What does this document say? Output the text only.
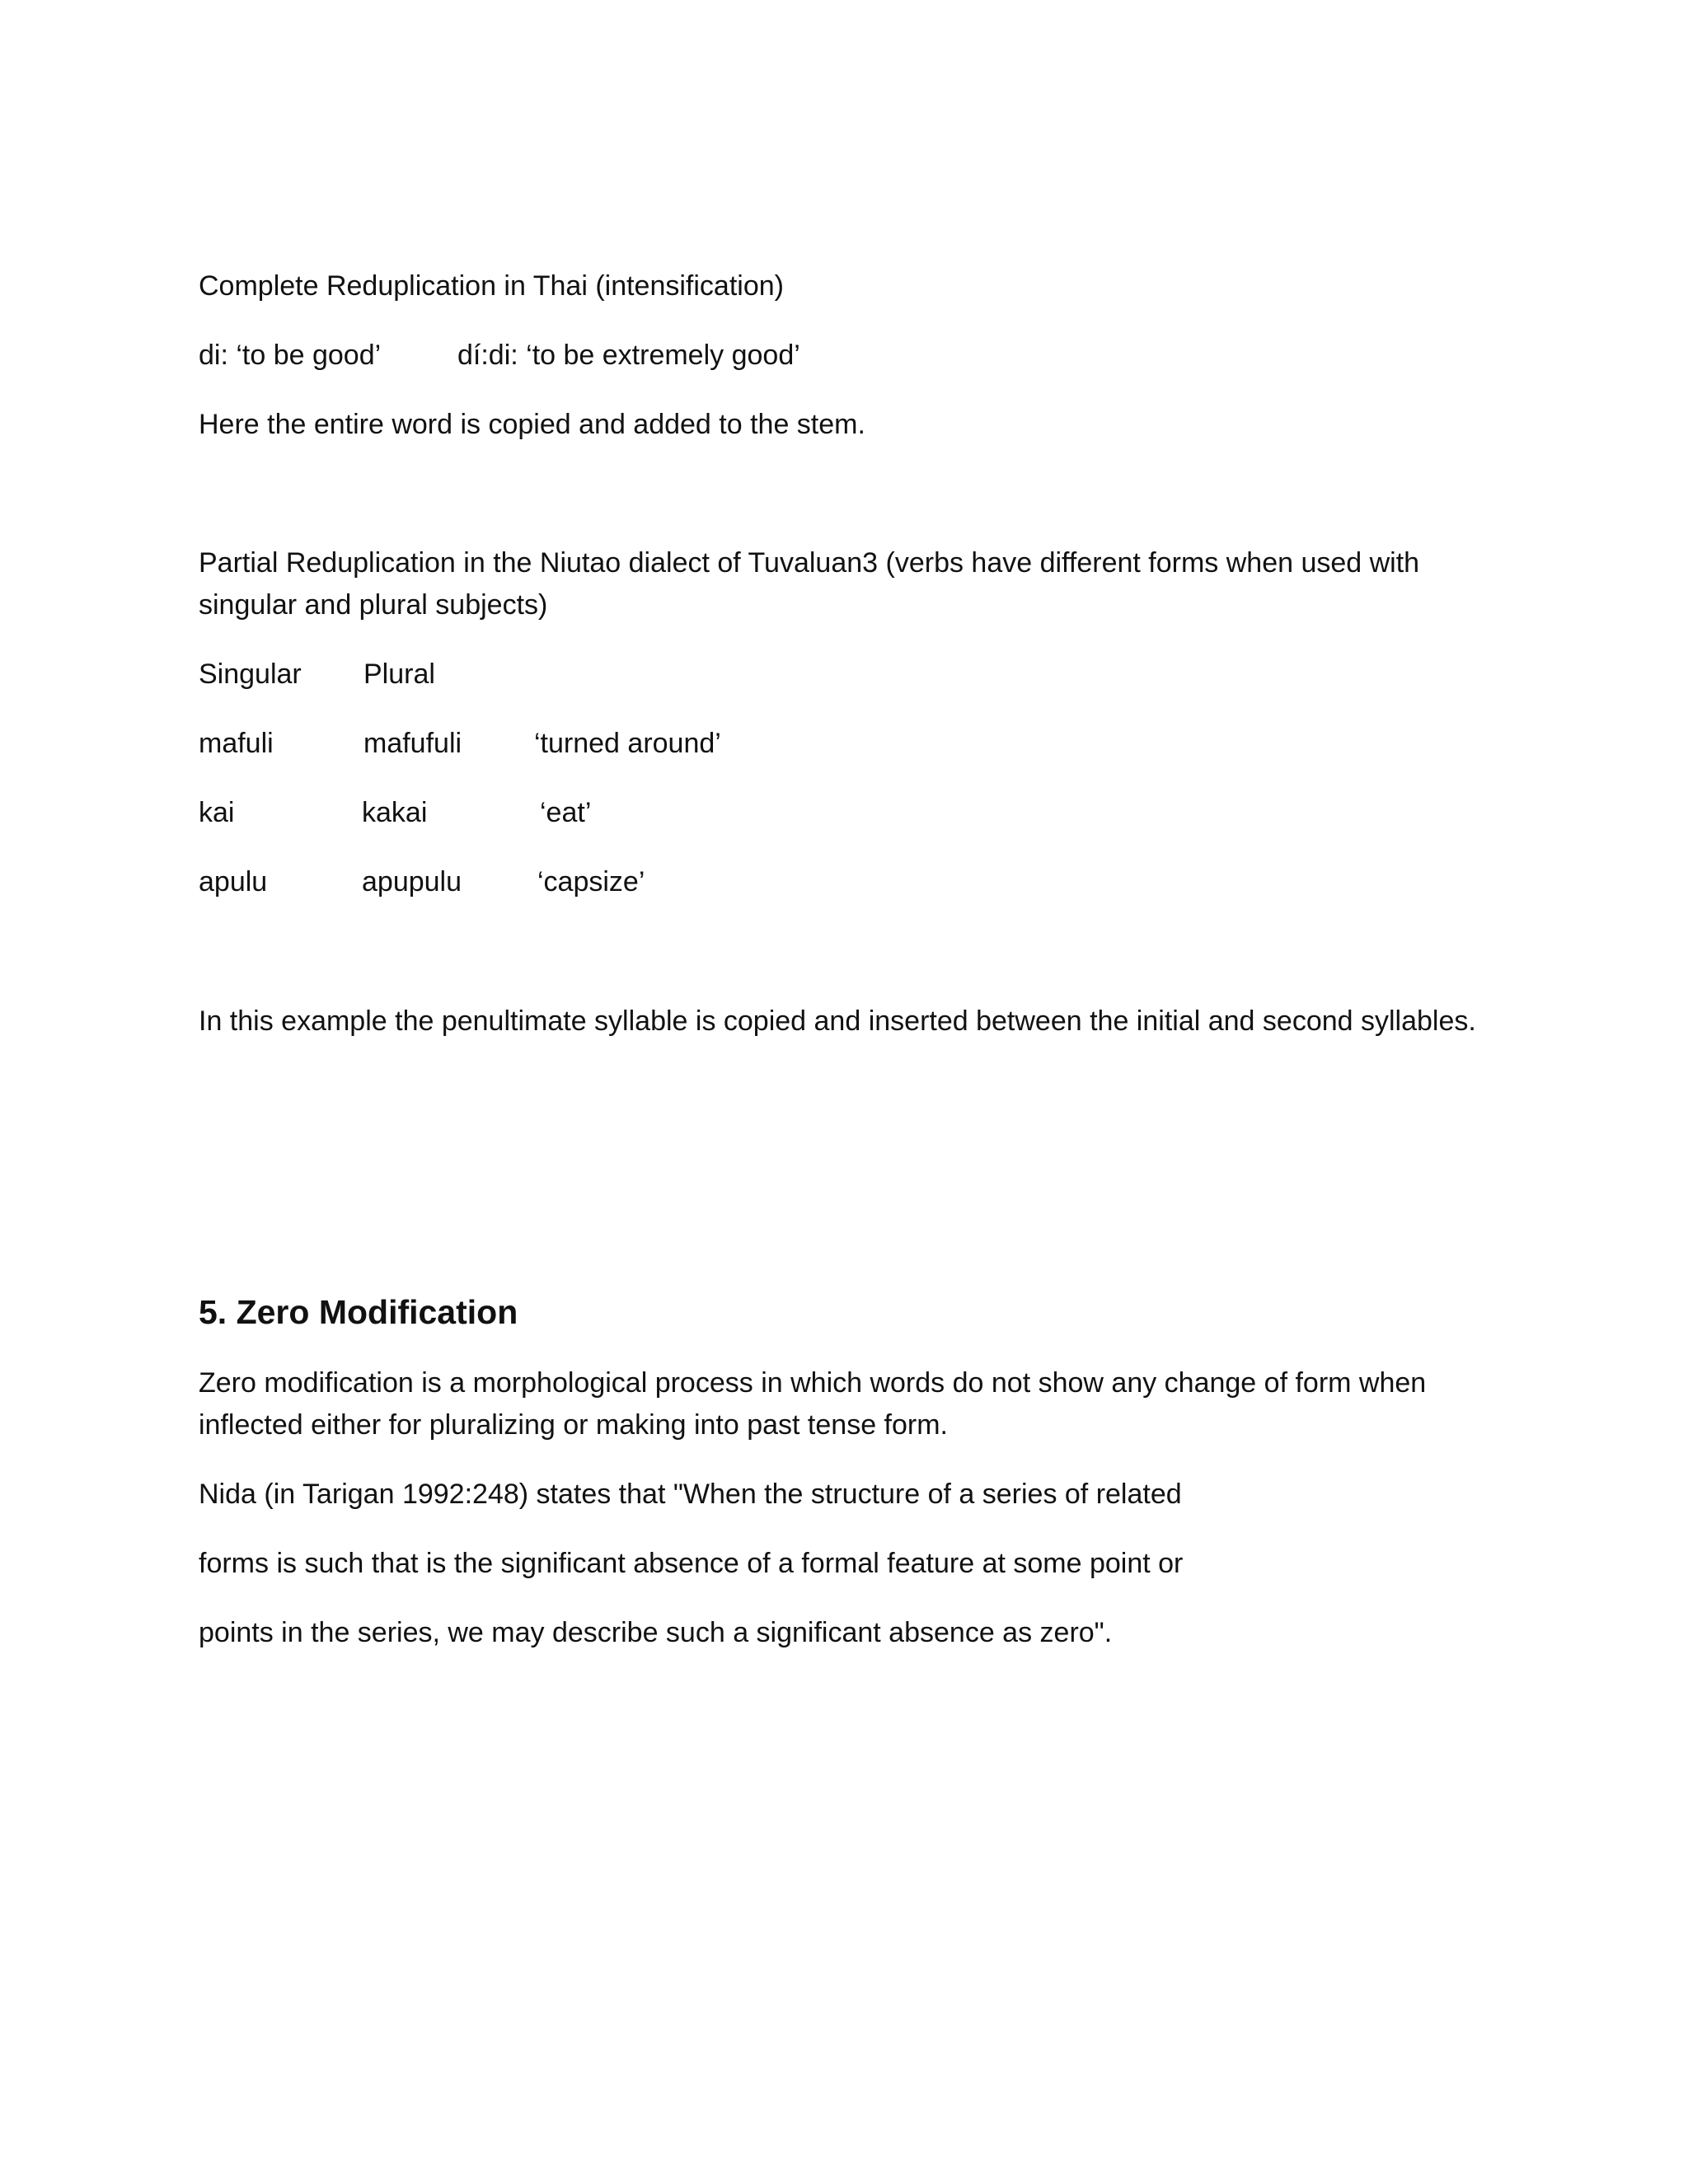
Complete Reduplication in Thai (intensification)
di: ‘to be good’	dí:di: ‘to be extremely good’
Here the entire word is copied and added to the stem.
Partial Reduplication in the Niutao dialect of Tuvaluan3 (verbs have different forms when used with singular and plural subjects)
Singular Plural
mafuli	mafufuli	‘turned around’
kai	kakai	‘eat’
apulu	apupulu	‘capsize’
In this example the penultimate syllable is copied and inserted between the initial and second syllables.
5. Zero Modification
Zero modification is a morphological process in which words do not show any change of form when inflected either for pluralizing or making into past tense form.
Nida (in Tarigan 1992:248) states that "When the structure of a series of related
forms is such that is the significant absence of a formal feature at some point or
points in the series, we may describe such a significant absence as zero".
